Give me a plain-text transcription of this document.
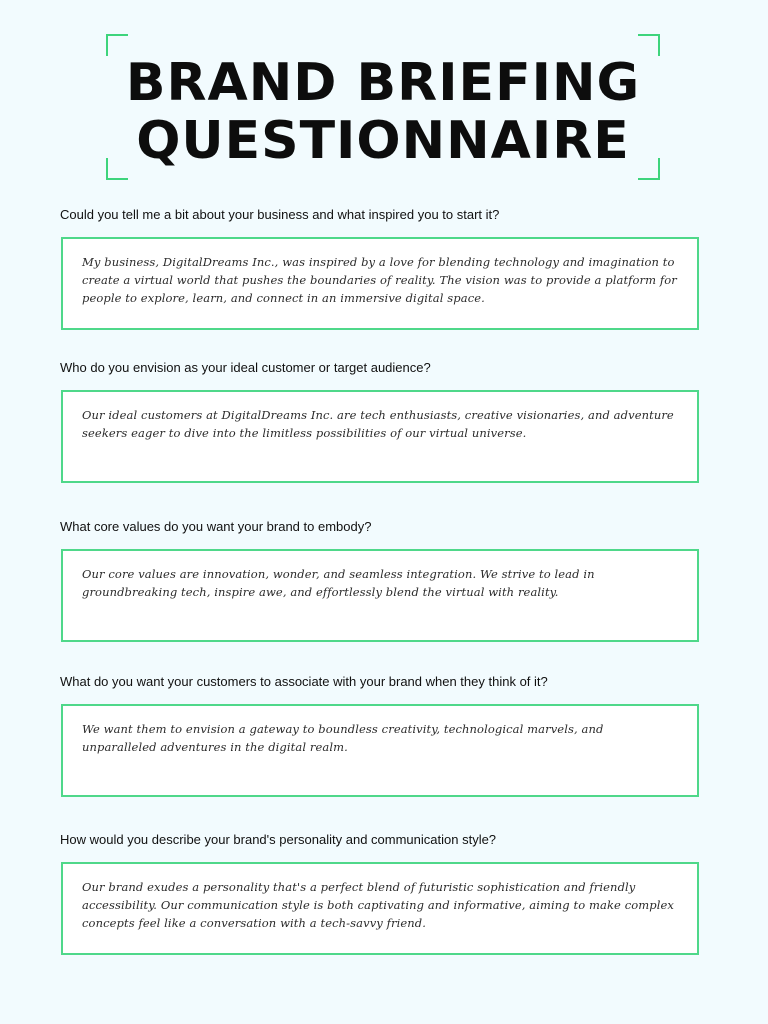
BRAND BRIEFING
QUESTIONNAIRE

Could you tell me a bit about your business and what inspired you to start it?

My business, DigitalDreams Inc., was inspired by a love for blending technology and imagination to create a virtual world that pushes the boundaries of reality. The vision was to provide a platform for people to explore, learn, and connect in an immersive digital space.

Who do you envision as your ideal customer or target audience?

Our ideal customers at DigitalDreams Inc. are tech enthusiasts, creative visionaries, and adventure seekers eager to dive into the limitless possibilities of our virtual universe.

What core values do you want your brand to embody?

Our core values are innovation, wonder, and seamless integration. We strive to lead in groundbreaking tech, inspire awe, and effortlessly blend the virtual with reality.

What do you want your customers to associate with your brand when they think of it?

We want them to envision a gateway to boundless creativity, technological marvels, and unparalleled adventures in the digital realm.

How would you describe your brand's personality and communication style?

Our brand exudes a personality that's a perfect blend of futuristic sophistication and friendly accessibility. Our communication style is both captivating and informative, aiming to make complex concepts feel like a conversation with a tech-savvy friend.
